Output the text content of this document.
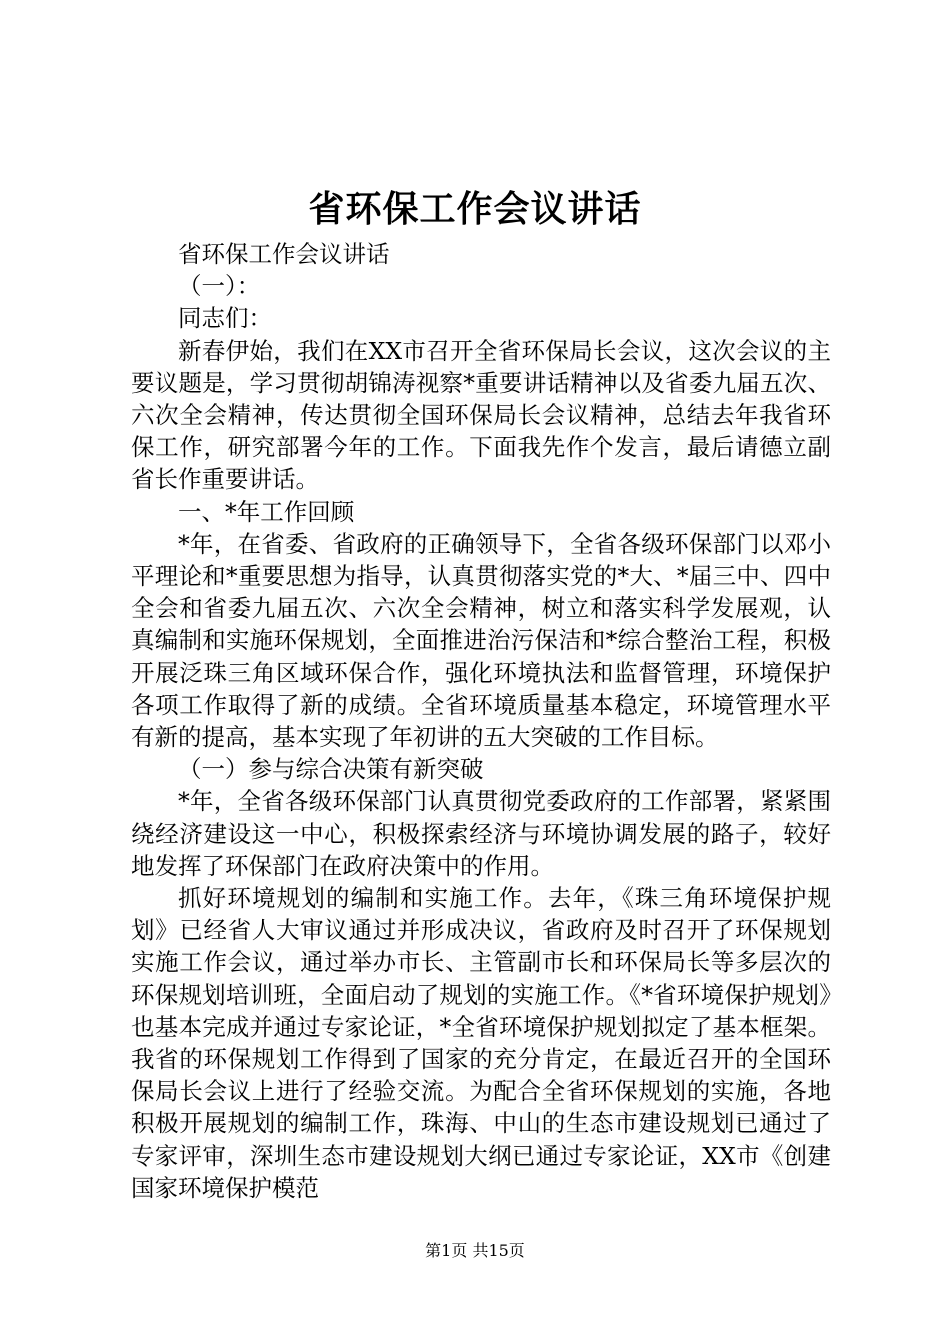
省环保工作会议讲话

省环保工作会议讲话

（一）：

同志们：

新春伊始，我们在XX市召开全省环保局长会议，这次会议的主要议题是，学习贯彻胡锦涛视察*重要讲话精神以及省委九届五次、六次全会精神，传达贯彻全国环保局长会议精神，总结去年我省环保工作，研究部署今年的工作。下面我先作个发言，最后请德立副省长作重要讲话。

一、*年工作回顾

*年，在省委、省政府的正确领导下，全省各级环保部门以邓小平理论和*重要思想为指导，认真贯彻落实党的*大、*届三中、四中全会和省委九届五次、六次全会精神，树立和落实科学发展观，认真编制和实施环保规划，全面推进治污保洁和*综合整治工程，积极开展泛珠三角区域环保合作，强化环境执法和监督管理，环境保护各项工作取得了新的成绩。全省环境质量基本稳定，环境管理水平有新的提高，基本实现了年初讲的五大突破的工作目标。

（一）参与综合决策有新突破

*年，全省各级环保部门认真贯彻党委政府的工作部署，紧紧围绕经济建设这一中心，积极探索经济与环境协调发展的路子，较好地发挥了环保部门在政府决策中的作用。

抓好环境规划的编制和实施工作。去年，《珠三角环境保护规划》已经省人大审议通过并形成决议，省政府及时召开了环保规划实施工作会议，通过举办市长、主管副市长和环保局长等多层次的环保规划培训班，全面启动了规划的实施工作。《*省环境保护规划》也基本完成并通过专家论证，*全省环境保护规划拟定了基本框架。我省的环保规划工作得到了国家的充分肯定，在最近召开的全国环保局长会议上进行了经验交流。为配合全省环保规划的实施，各地积极开展规划的编制工作，珠海、中山的生态市建设规划已通过了专家评审，深圳生态市建设规划大纲已通过专家论证，XX市《创建国家环境保护模范

第1页 共15页
